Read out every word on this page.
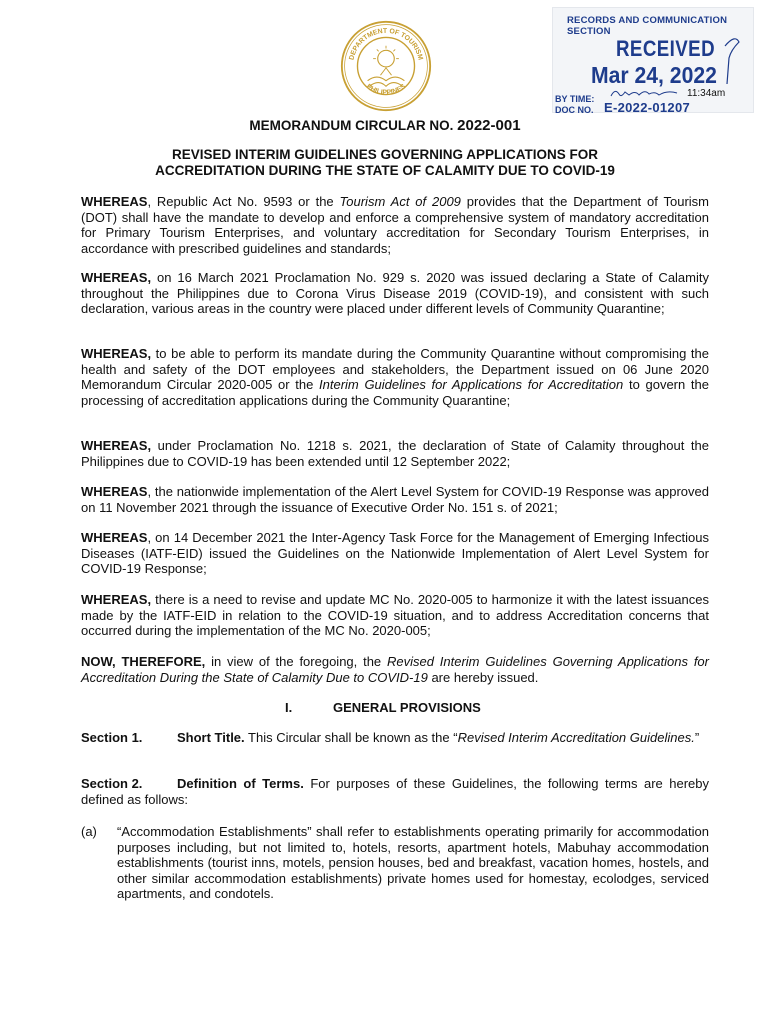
DEPARTMENT OF TOURISM
PHILIPPINES
RECORDS AND COMMUNICATION SECTION
RECEIVED
Mar 24, 2022
BY TIME:	11:34am
DOC NO. E-2022-01207
MEMORANDUM CIRCULAR NO. 2022-001
REVISED INTERIM GUIDELINES GOVERNING APPLICATIONS FOR
ACCREDITATION DURING THE STATE OF CALAMITY DUE TO COVID-19

WHEREAS, Republic Act No. 9593 or the Tourism Act of 2009 provides that the Department of Tourism (DOT) shall have the mandate to develop and enforce a comprehensive system of mandatory accreditation for Primary Tourism Enterprises, and voluntary accreditation for Secondary Tourism Enterprises, in accordance with prescribed guidelines and standards;

WHEREAS, on 16 March 2021 Proclamation No. 929 s. 2020 was issued declaring a State of Calamity throughout the Philippines due to Corona Virus Disease 2019 (COVID-19), and consistent with such declaration, various areas in the country were placed under different levels of Community Quarantine;

WHEREAS, to be able to perform its mandate during the Community Quarantine without compromising the health and safety of the DOT employees and stakeholders, the Department issued on 06 June 2020 Memorandum Circular 2020-005 or the Interim Guidelines for Applications for Accreditation to govern the processing of accreditation applications during the Community Quarantine;

WHEREAS, under Proclamation No. 1218 s. 2021, the declaration of State of Calamity throughout the Philippines due to COVID-19 has been extended until 12 September 2022;

WHEREAS, the nationwide implementation of the Alert Level System for COVID-19 Response was approved on 11 November 2021 through the issuance of Executive Order No. 151 s. of 2021;

WHEREAS, on 14 December 2021 the Inter-Agency Task Force for the Management of Emerging Infectious Diseases (IATF-EID) issued the Guidelines on the Nationwide Implementation of Alert Level System for COVID-19 Response;

WHEREAS, there is a need to revise and update MC No. 2020-005 to harmonize it with the latest issuances made by the IATF-EID in relation to the COVID-19 situation, and to address Accreditation concerns that occurred during the implementation of the MC No. 2020-005;

NOW, THEREFORE, in view of the foregoing, the Revised Interim Guidelines Governing Applications for Accreditation During the State of Calamity Due to COVID-19 are hereby issued.

I.	GENERAL PROVISIONS

Section 1.	Short Title. This Circular shall be known as the “Revised Interim Accreditation Guidelines.”

Section 2.	Definition of Terms. For purposes of these Guidelines, the following terms are hereby defined as follows:

(a) “Accommodation Establishments” shall refer to establishments operating primarily for accommodation purposes including, but not limited to, hotels, resorts, apartment hotels, Mabuhay accommodation establishments (tourist inns, motels, pension houses, bed and breakfast, vacation homes, hostels, and other similar accommodation establishments) private homes used for homestay, ecolodges, serviced apartments, and condotels.
